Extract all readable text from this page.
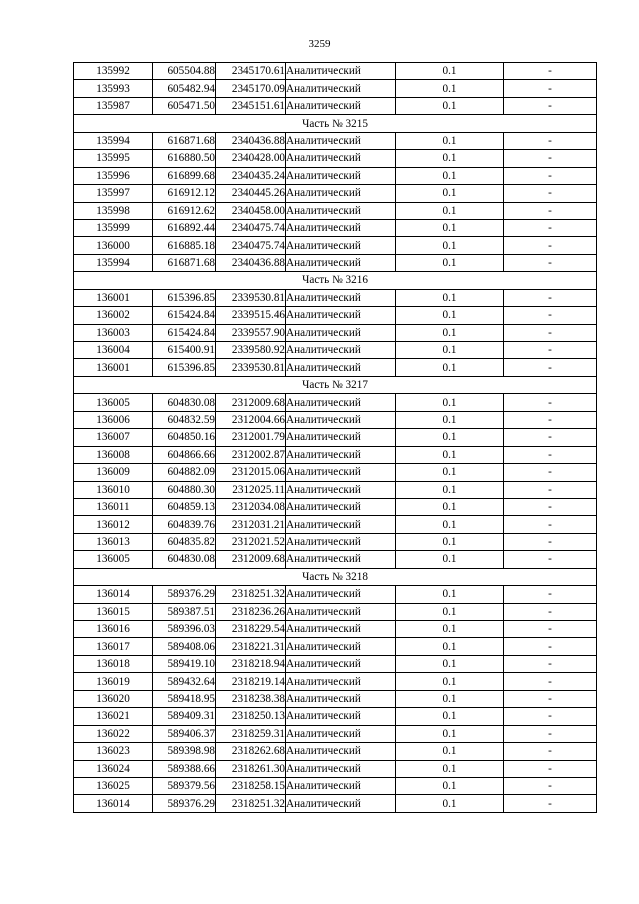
3259
135992	605504.88	2345170.61	Аналитический	0.1	-
135993	605482.94	2345170.09	Аналитический	0.1	-
135987	605471.50	2345151.61	Аналитический	0.1	-
Часть № 3215					
135994	616871.68	2340436.88	Аналитический	0.1	-
135995	616880.50	2340428.00	Аналитический	0.1	-
135996	616899.68	2340435.24	Аналитический	0.1	-
135997	616912.12	2340445.26	Аналитический	0.1	-
135998	616912.62	2340458.00	Аналитический	0.1	-
135999	616892.44	2340475.74	Аналитический	0.1	-
136000	616885.18	2340475.74	Аналитический	0.1	-
135994	616871.68	2340436.88	Аналитический	0.1	-
Часть № 3216					
136001	615396.85	2339530.81	Аналитический	0.1	-
136002	615424.84	2339515.46	Аналитический	0.1	-
136003	615424.84	2339557.90	Аналитический	0.1	-
136004	615400.91	2339580.92	Аналитический	0.1	-
136001	615396.85	2339530.81	Аналитический	0.1	-
Часть № 3217					
136005	604830.08	2312009.68	Аналитический	0.1	-
136006	604832.59	2312004.66	Аналитический	0.1	-
136007	604850.16	2312001.79	Аналитический	0.1	-
136008	604866.66	2312002.87	Аналитический	0.1	-
136009	604882.09	2312015.06	Аналитический	0.1	-
136010	604880.30	2312025.11	Аналитический	0.1	-
136011	604859.13	2312034.08	Аналитический	0.1	-
136012	604839.76	2312031.21	Аналитический	0.1	-
136013	604835.82	2312021.52	Аналитический	0.1	-
136005	604830.08	2312009.68	Аналитический	0.1	-
Часть № 3218					
136014	589376.29	2318251.32	Аналитический	0.1	-
136015	589387.51	2318236.26	Аналитический	0.1	-
136016	589396.03	2318229.54	Аналитический	0.1	-
136017	589408.06	2318221.31	Аналитический	0.1	-
136018	589419.10	2318218.94	Аналитический	0.1	-
136019	589432.64	2318219.14	Аналитический	0.1	-
136020	589418.95	2318238.38	Аналитический	0.1	-
136021	589409.31	2318250.13	Аналитический	0.1	-
136022	589406.37	2318259.31	Аналитический	0.1	-
136023	589398.98	2318262.68	Аналитический	0.1	-
136024	589388.66	2318261.30	Аналитический	0.1	-
136025	589379.56	2318258.15	Аналитический	0.1	-
136014	589376.29	2318251.32	Аналитический	0.1	-
